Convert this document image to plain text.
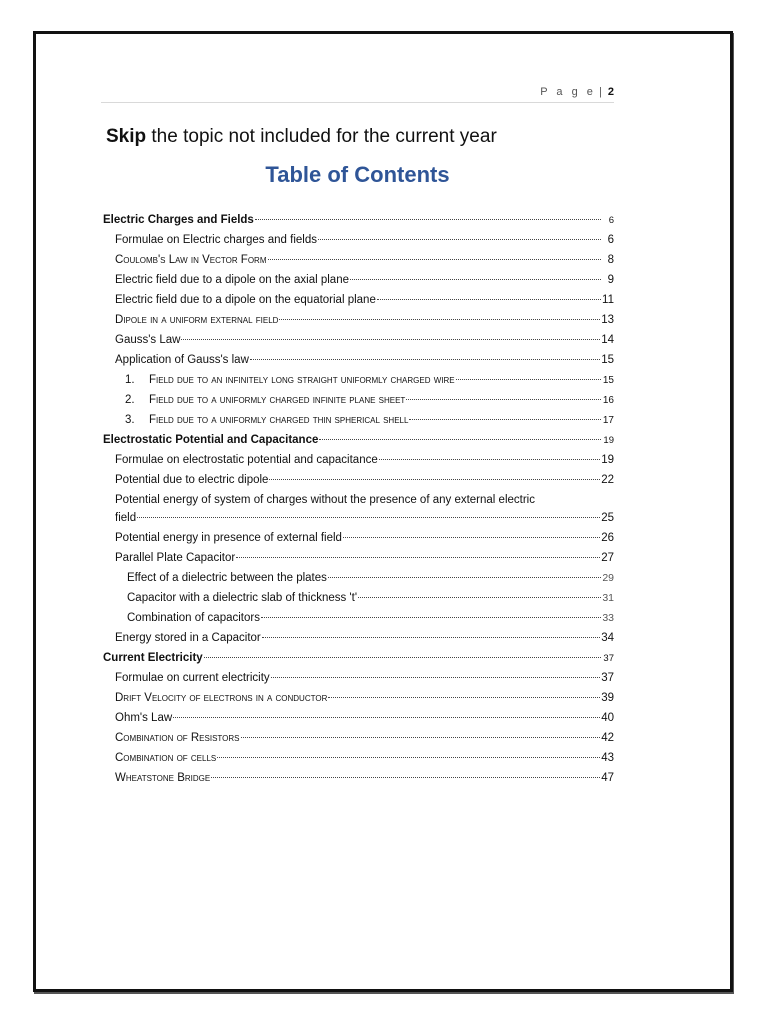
P a g e | 2
Skip the topic not included for the current year
Table of Contents
Electric Charges and Fields	6
Formulae on Electric charges and fields	6
Coulomb's Law in Vector Form	8
Electric field due to a dipole on the axial plane	9
Electric field due to a dipole on the equatorial plane	11
Dipole in a uniform external field	13
Gauss's Law	14
Application of Gauss's law	15
1.	Field due to an infinitely long straight uniformly charged wire	15
2.	Field due to a uniformly charged infinite plane sheet	16
3.	Field due to a uniformly charged thin spherical shell	17
Electrostatic Potential and Capacitance	19
Formulae on electrostatic potential and capacitance	19
Potential due to electric dipole	22
Potential energy of system of charges without the presence of any external electric
field	25
Potential energy in presence of external field	26
Parallel Plate Capacitor	27
Effect of a dielectric between the plates	29
Capacitor with a dielectric slab of thickness 't'	31
Combination of capacitors	33
Energy stored in a Capacitor	34
Current Electricity	37
Formulae on current electricity	37
Drift Velocity of electrons in a conductor	39
Ohm's Law	40
Combination of Resistors	42
Combination of cells	43
Wheatstone Bridge	47
